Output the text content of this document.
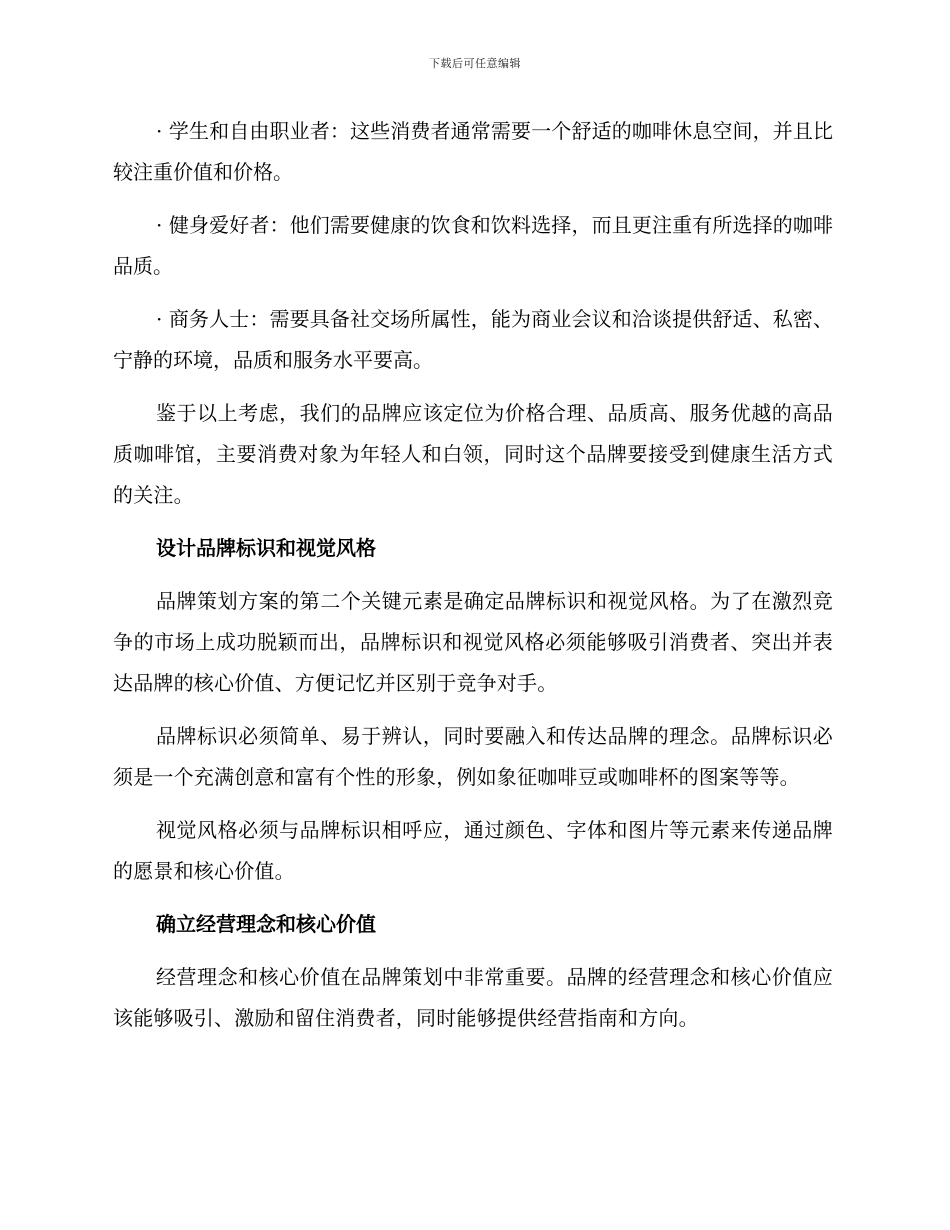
下载后可任意编辑

· 学生和自由职业者：这些消费者通常需要一个舒适的咖啡休息空间，并且比较注重价值和价格。

· 健身爱好者：他们需要健康的饮食和饮料选择，而且更注重有所选择的咖啡品质。

· 商务人士：需要具备社交场所属性，能为商业会议和洽谈提供舒适、私密、宁静的环境，品质和服务水平要高。

鉴于以上考虑，我们的品牌应该定位为价格合理、品质高、服务优越的高品质咖啡馆，主要消费对象为年轻人和白领，同时这个品牌要接受到健康生活方式的关注。

设计品牌标识和视觉风格

品牌策划方案的第二个关键元素是确定品牌标识和视觉风格。为了在激烈竞争的市场上成功脱颖而出，品牌标识和视觉风格必须能够吸引消费者、突出并表达品牌的核心价值、方便记忆并区别于竞争对手。

品牌标识必须简单、易于辨认，同时要融入和传达品牌的理念。品牌标识必须是一个充满创意和富有个性的形象，例如象征咖啡豆或咖啡杯的图案等等。

视觉风格必须与品牌标识相呼应，通过颜色、字体和图片等元素来传递品牌的愿景和核心价值。

确立经营理念和核心价值

经营理念和核心价值在品牌策划中非常重要。品牌的经营理念和核心价值应该能够吸引、激励和留住消费者，同时能够提供经营指南和方向。
